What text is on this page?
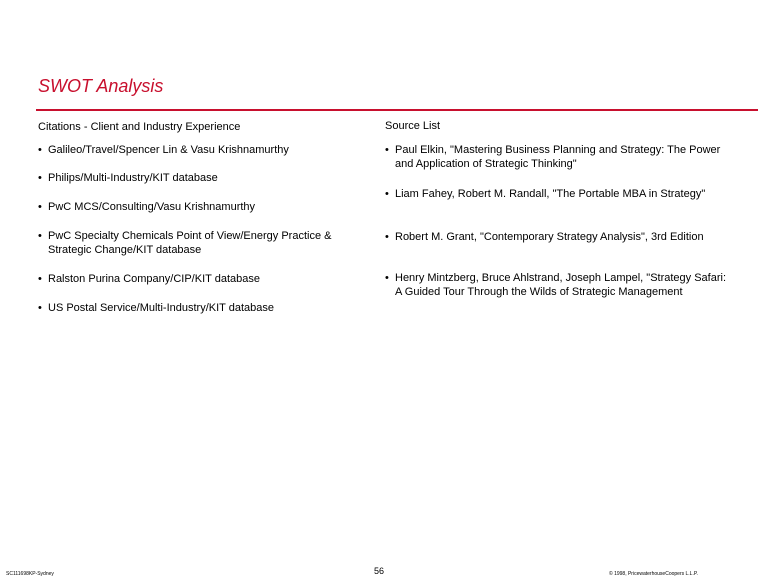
SWOT Analysis
Citations - Client and Industry Experience
• Galileo/Travel/Spencer Lin & Vasu Krishnamurthy
• Philips/Multi-Industry/KIT database
• PwC MCS/Consulting/Vasu Krishnamurthy
• PwC Specialty Chemicals Point of View/Energy Practice & Strategic Change/KIT database
• Ralston Purina Company/CIP/KIT database
• US Postal Service/Multi-Industry/KIT database
Source List
• Paul Elkin, "Mastering Business Planning and Strategy: The Power and Application of Strategic Thinking"
• Liam Fahey, Robert M. Randall, "The Portable MBA in Strategy"
• Robert M. Grant, "Contemporary Strategy Analysis", 3rd Edition
• Henry Mintzberg, Bruce Ahlstrand, Joseph Lampel, "Strategy Safari: A Guided Tour Through the Wilds of Strategic Management
SC111698KP-Sydney	56	© 1998, PricewaterhouseCoopers L.L.P.
